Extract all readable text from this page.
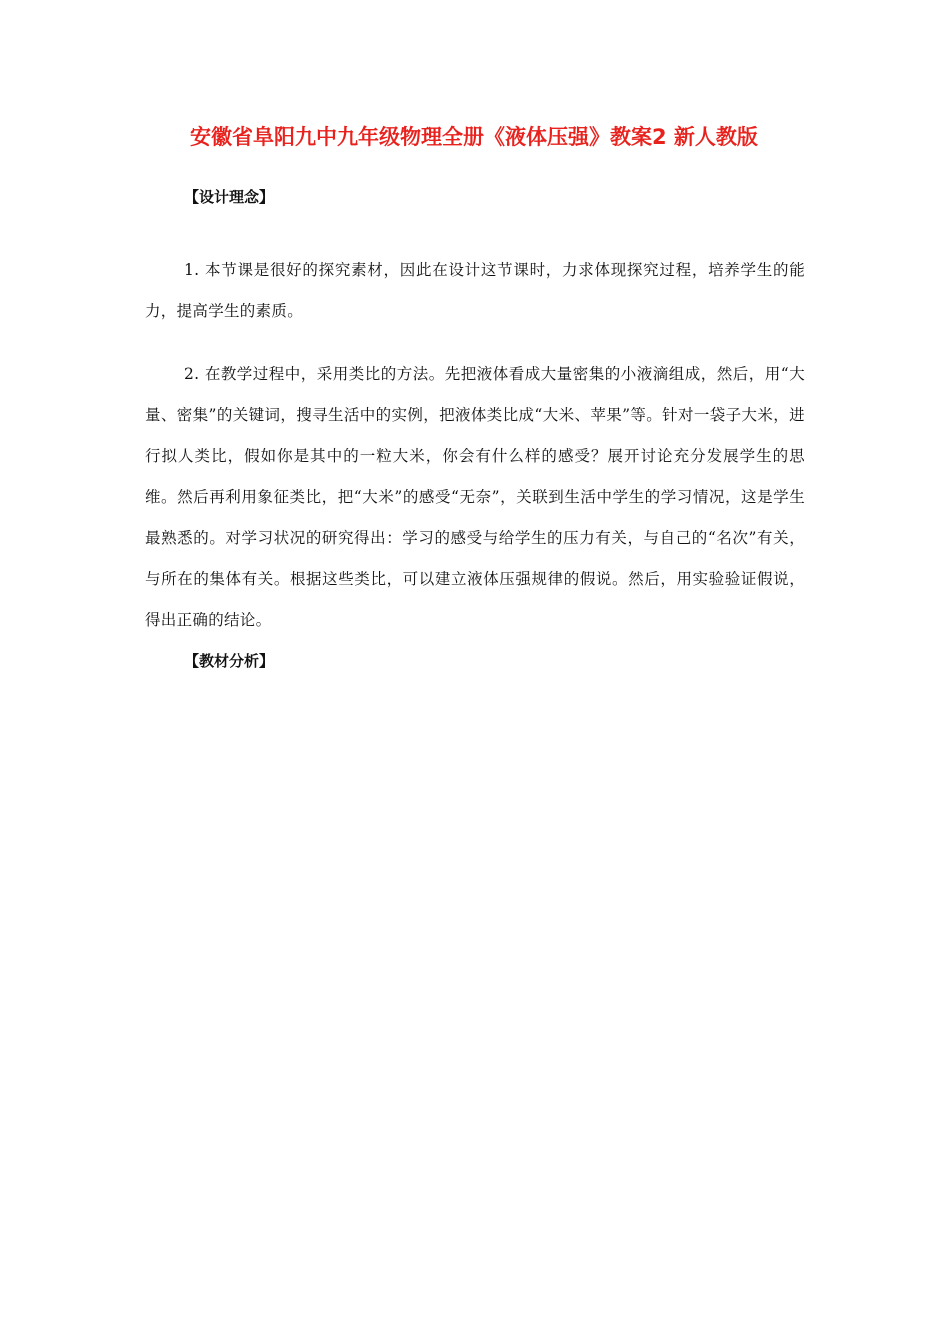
安徽省阜阳九中九年级物理全册《液体压强》教案2 新人教版
【设计理念】

1. 本节课是很好的探究素材，因此在设计这节课时，力求体现探究过程，培养学生的能力，提高学生的素质。

2. 在教学过程中，采用类比的方法。先把液体看成大量密集的小液滴组成，然后，用“大量、密集”的关键词，搜寻生活中的实例，把液体类比成“大米、苹果”等。针对一袋子大米，进行拟人类比，假如你是其中的一粒大米，你会有什么样的感受？展开讨论充分发展学生的思维。然后再利用象征类比，把“大米”的感受“无奈”，关联到生活中学生的学习情况，这是学生最熟悉的。对学习状况的研究得出：学习的感受与给学生的压力有关，与自己的“名次”有关，与所在的集体有关。根据这些类比，可以建立液体压强规律的假说。然后，用实验验证假说，得出正确的结论。

【教材分析】
